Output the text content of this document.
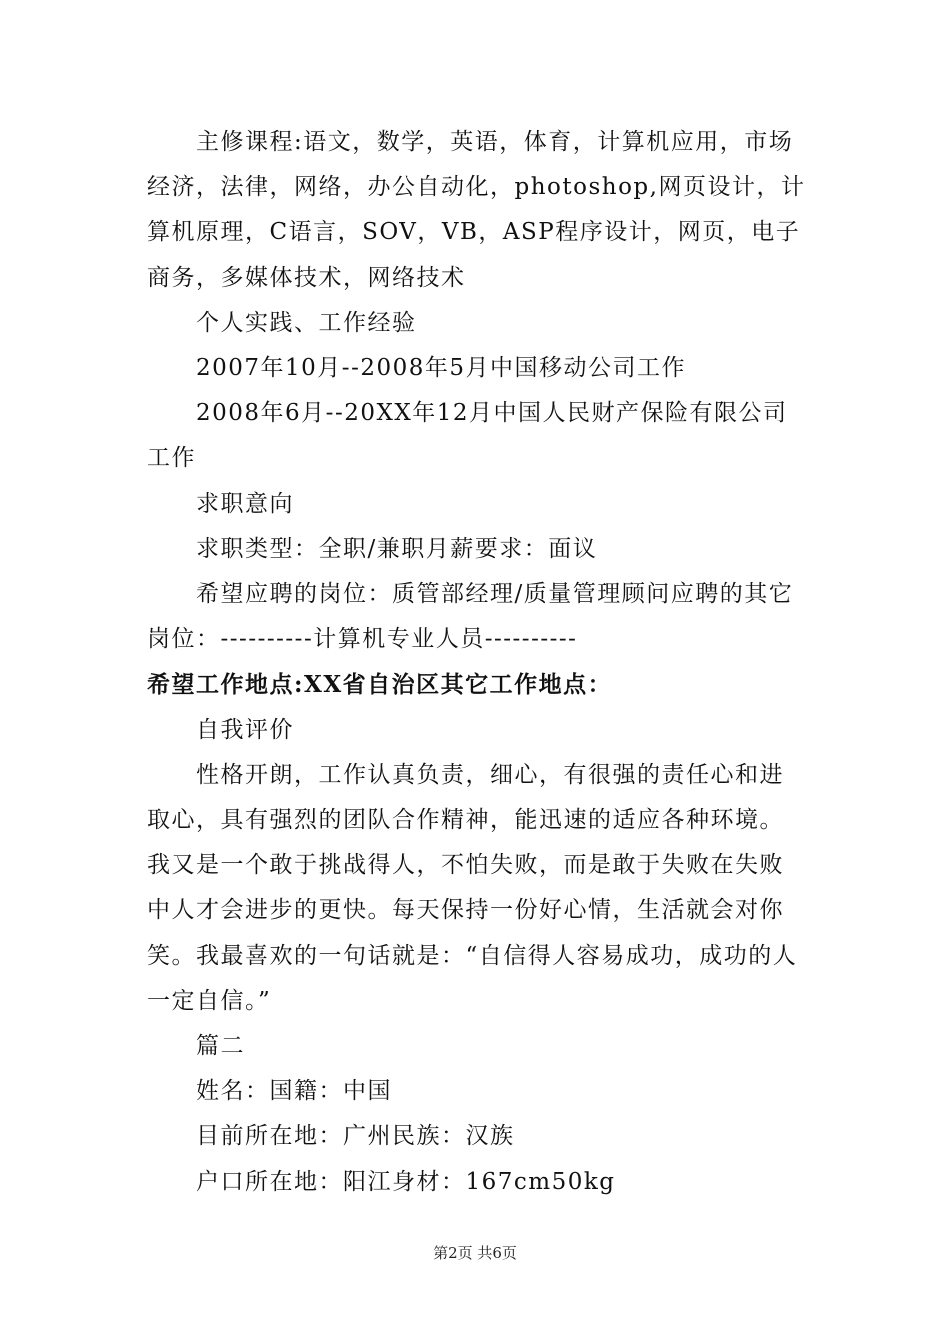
主修课程:语文，数学，英语，体育，计算机应用，市场经济，法律，网络，办公自动化，photoshop,网页设计，计算机原理，C语言，SOV，VB，ASP程序设计，网页，电子商务，多媒体技术，网络技术

个人实践、工作经验

2007年10月--2008年5月中国移动公司工作

2008年6月--20XX年12月中国人民财产保险有限公司工作

求职意向

求职类型：全职/兼职月薪要求：面议

希望应聘的岗位：质管部经理/质量管理顾问应聘的其它岗位：----------计算机专业人员----------

希望工作地点:XX省自治区其它工作地点：

自我评价

性格开朗，工作认真负责，细心，有很强的责任心和进取心，具有强烈的团队合作精神，能迅速的适应各种环境。我又是一个敢于挑战得人，不怕失败，而是敢于失败在失败中人才会进步的更快。每天保持一份好心情，生活就会对你笑。我最喜欢的一句话就是：“自信得人容易成功，成功的人一定自信。”

篇二

姓名：国籍：中国

目前所在地：广州民族：汉族

户口所在地：阳江身材：167cm50kg

第2页 共6页
